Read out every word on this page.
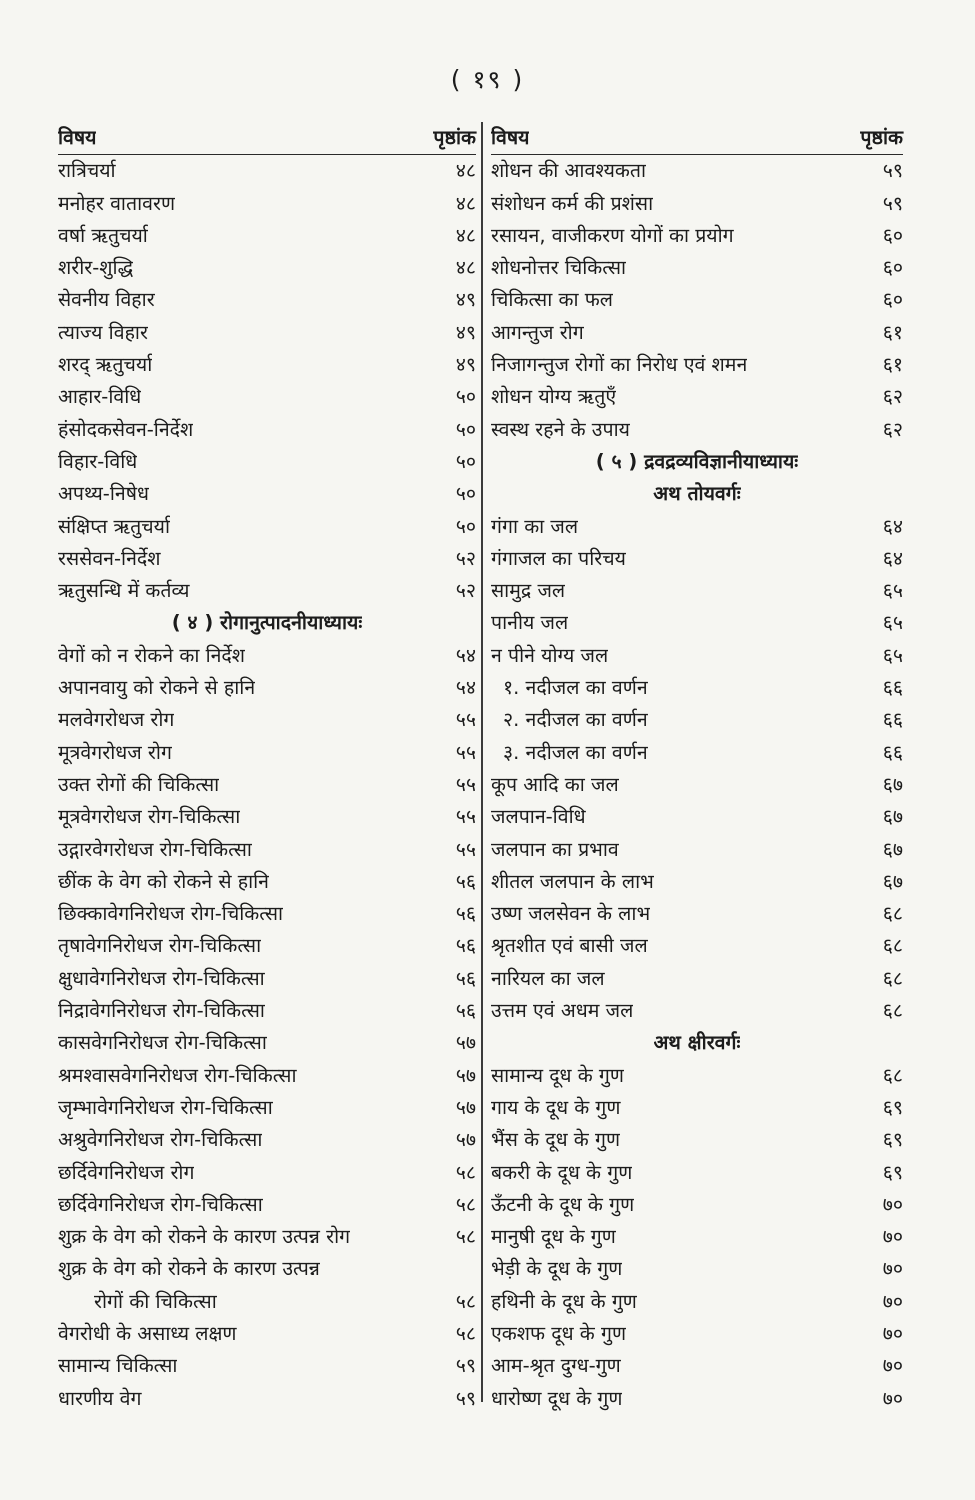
( १९ )
विषय	पृष्ठांक
रात्रिचर्या	४८
मनोहर वातावरण	४८
वर्षा ऋतुचर्या	४८
शरीर-शुद्धि	४८
सेवनीय विहार	४९
त्याज्य विहार	४९
शरद् ऋतुचर्या	४९
आहार-विधि	५०
हंसोदकसेवन-निर्देश	५०
विहार-विधि	५०
अपथ्य-निषेध	५०
संक्षिप्त ऋतुचर्या	५०
रससेवन-निर्देश	५२
ऋतुसन्धि में कर्तव्य	५२
( ४ ) रोगानुत्पादनीयाध्यायः
वेगों को न रोकने का निर्देश	५४
अपानवायु को रोकने से हानि	५४
मलवेगरोधज रोग	५५
मूत्रवेगरोधज रोग	५५
उक्त रोगों की चिकित्सा	५५
मूत्रवेगरोधज रोग-चिकित्सा	५५
उद्गारवेगरोधज रोग-चिकित्सा	५५
छींक के वेग को रोकने से हानि	५६
छिक्कावेगनिरोधज रोग-चिकित्सा	५६
तृषावेगनिरोधज रोग-चिकित्सा	५६
क्षुधावेगनिरोधज रोग-चिकित्सा	५६
निद्रावेगनिरोधज रोग-चिकित्सा	५६
कासवेगनिरोधज रोग-चिकित्सा	५७
श्रमश्वासवेगनिरोधज रोग-चिकित्सा	५७
जृम्भावेगनिरोधज रोग-चिकित्सा	५७
अश्रुवेगनिरोधज रोग-चिकित्सा	५७
छर्दिवेगनिरोधज रोग	५८
छर्दिवेगनिरोधज रोग-चिकित्सा	५८
शुक्र के वेग को रोकने के कारण उत्पन्न रोग	५८
शुक्र के वेग को रोकने के कारण उत्पन्न
रोगों की चिकित्सा	५८
वेगरोधी के असाध्य लक्षण	५८
सामान्य चिकित्सा	५९
धारणीय वेग	५९
विषय	पृष्ठांक
शोधन की आवश्यकता	५९
संशोधन कर्म की प्रशंसा	५९
रसायन, वाजीकरण योगों का प्रयोग	६०
शोधनोत्तर चिकित्सा	६०
चिकित्सा का फल	६०
आगन्तुज रोग	६१
निजागन्तुज रोगों का निरोध एवं शमन	६१
शोधन योग्य ऋतुएँ	६२
स्वस्थ रहने के उपाय	६२
( ५ ) द्रवद्रव्यविज्ञानीयाध्यायः
अथ तोयवर्गः
गंगा का जल	६४
गंगाजल का परिचय	६४
सामुद्र जल	६५
पानीय जल	६५
न पीने योग्य जल	६५
१. नदीजल का वर्णन	६६
२. नदीजल का वर्णन	६६
३. नदीजल का वर्णन	६६
कूप आदि का जल	६७
जलपान-विधि	६७
जलपान का प्रभाव	६७
शीतल जलपान के लाभ	६७
उष्ण जलसेवन के लाभ	६८
श्रृतशीत एवं बासी जल	६८
नारियल का जल	६८
उत्तम एवं अधम जल	६८
अथ क्षीरवर्गः
सामान्य दूध के गुण	६८
गाय के दूध के गुण	६९
भैंस के दूध के गुण	६९
बकरी के दूध के गुण	६९
ऊँटनी के दूध के गुण	७०
मानुषी दूध के गुण	७०
भेड़ी के दूध के गुण	७०
हथिनी के दूध के गुण	७०
एकशफ दूध के गुण	७०
आम-श्रृत दुग्ध-गुण	७०
धारोष्ण दूध के गुण	७०
